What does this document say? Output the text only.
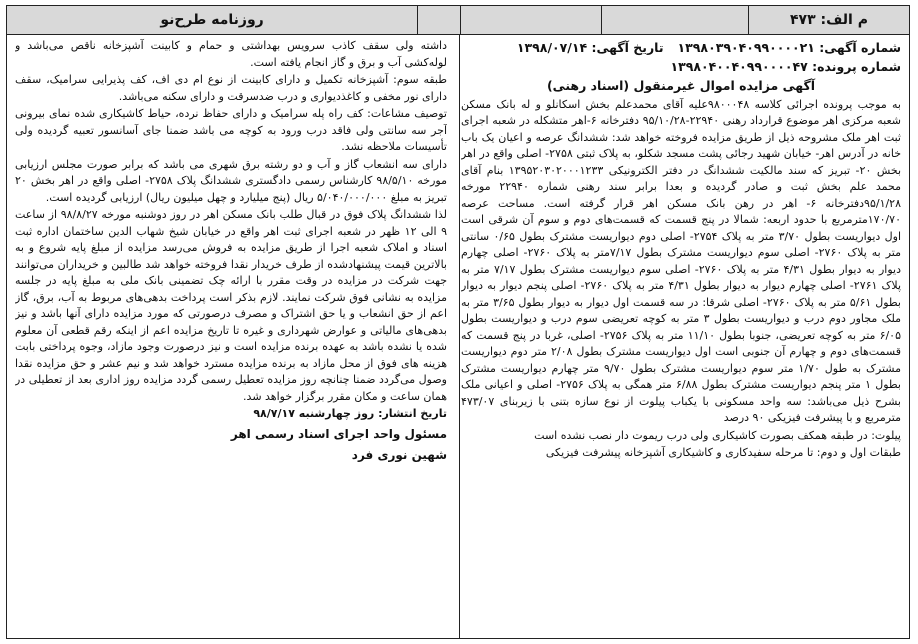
م الف: ۴۷۳
روزنامه طرح‌نو
شماره آگهی: ۱۳۹۸۰۳۹۰۴۰۹۹۰۰۰۰۲۱
تاریخ آگهی: ۱۳۹۸/۰۷/۱۴
شماره پرونده: ۱۳۹۸۰۴۰۰۴۰۹۹۰۰۰۰۴۷
آگهی مزایده اموال غیرمنقول (اسناد رهنی)

به موجب پرونده اجرائی کلاسه ۹۸۰۰۰۴۸علیه آقای محمدعلم بخش اسکانلو و له بانک مسکن شعبه مرکزی اهر موضوع قرارداد رهنی ۲۲۹۴۰-۹۵/۱۰/۲۸ دفترخانه ۶-اهر متشکله در شعبه اجرای ثبت اهر ملک مشروحه ذیل از طریق مزایده فروخته خواهد شد: ششدانگ عرصه و اعیان یک باب خانه در آدرس اهر- خیابان شهید رجائی پشت مسجد شکلو، به پلاک ثبتی ۲۷۵۸- اصلی واقع در اهر بخش ۲۰- تبریز که سند مالکیت ششدانگ در دفتر الکترونیکی ۱۳۹۵۲۰۳۰۲۰۰۰۱۲۳۳ بنام آقای محمد علم بخش ثبت و صادر گردیده و بعدا برابر سند رهنی شماره ۲۲۹۴۰ مورخه ۹۵/۱/۲۸دفترخانه ۶- اهر در رهن بانک مسکن اهر قرار گرفته است. مساحت عرصه ۱۷۰/۷۰مترمربع با حدود اربعه: شمالا در پنج قسمت که قسمت‌های دوم و سوم آن شرقی است اول دیواریست بطول ۳/۷۰ متر به پلاک ۲۷۵۴- اصلی دوم دیواریست مشترک بطول ۰/۶۵ سانتی متر به پلاک ۲۷۶۰- اصلی سوم دیواریست مشترک بطول ۷/۱۷متر به پلاک ۲۷۶۰- اصلی چهارم دیوار به دیوار بطول ۴/۳۱ متر به پلاک ۲۷۶۰- اصلی سوم دیواریست مشترک بطول ۷/۱۷ متر به پلاک ۲۷۶۱- اصلی چهارم دیوار به دیوار بطول ۴/۳۱ متر به پلاک ۲۷۶۰- اصلی پنجم دیوار به دیوار بطول ۵/۶۱ متر به پلاک ۲۷۶۰- اصلی شرقا: در سه قسمت اول دیوار به دیوار بطول ۳/۶۵ متر به ملک مجاور دوم درب و دیواریست بطول ۳ متر به کوچه تعریضی سوم درب و دیواریست بطول ۶/۰۵ متر به کوچه تعریضی، جنوبا بطول ۱۱/۱۰ متر به پلاک ۲۷۵۶- اصلی، غربا در پنج قسمت که قسمت‌های دوم و چهارم آن جنوبی است اول دیواریست مشترک بطول ۲/۰۸ متر دوم دیواریست مشترک به طول ۱/۷۰ متر سوم دیواریست مشترک بطول ۹/۷۰ متر چهارم دیواریست مشترک بطول ۱ متر پنجم دیواریست مشترک بطول ۶/۸۸ متر همگی به پلاک ۲۷۵۶- اصلی و اعیانی ملک بشرح ذیل می‌باشد: سه واحد مسکونی با یکباب پیلوت از نوع سازه بتنی با زیربنای ۴۷۳/۰۷ مترمربع و با پیشرفت فیزیکی ۹۰ درصد

پیلوت: در طبقه همکف بصورت کاشیکاری ولی درب ریموت دار نصب نشده است

طبقات اول و دوم: تا مرحله سفیدکاری و کاشیکاری آشپزخانه پیشرفت فیزیکی

داشته ولی سقف کاذب سرویس بهداشتی و حمام و کابینت آشپزخانه ناقص می‌باشد و لوله‌کشی آب و برق و گاز انجام یافته است.

طبقه سوم: آشپزخانه تکمیل و دارای کابینت از نوع ام دی اف، کف پذیرایی سرامیک، سقف دارای نور مخفی و کاغذدیواری و درب ضدسرقت و دارای سکنه می‌باشد.

توصیف مشاعات: کف راه پله سرامیک و دارای حفاظ نرده، حیاط کاشیکاری شده نمای بیرونی آجر سه سانتی ولی فاقد درب ورود به کوچه می باشد ضمنا جای آسانسور تعبیه گردیده ولی تأسیسات ملاحظه نشد.

دارای سه انشعاب گاز و آب و دو رشته برق شهری می باشد که برابر صورت مجلس ارزیابی مورخه ۹۸/۵/۱۰ کارشناس رسمی دادگستری ششدانگ پلاک ۲۷۵۸- اصلی واقع در اهر بخش ۲۰ تبریز به مبلغ ۵/۰۴۰/۰۰۰/۰۰۰ ریال (پنج میلیارد و چهل میلیون ریال) ارزیابی گردیده است.

لذا ششدانگ پلاک فوق در قبال طلب بانک مسکن اهر در روز دوشنبه مورخه ۹۸/۸/۲۷ از ساعت ۹ الی ۱۲ ظهر در شعبه اجرای ثبت اهر واقع در خیابان شیخ شهاب الدین ساختمان اداره ثبت اسناد و املاک شعبه اجرا از طریق مزایده به فروش می‌رسد مزایده از مبلغ پایه شروع و به بالاترین قیمت پیشنهادشده از طرف خریدار نقدا فروخته خواهد شد طالبین و خریداران می‌توانند جهت شرکت در مزایده در وقت مقرر با ارائه چک تضمینی بانک ملی به مبلغ پایه در جلسه مزایده به نشانی فوق شرکت نمایند. لازم بذکر است پرداخت بدهی‌های مربوط به آب، برق، گاز اعم از حق انشعاب و یا حق اشتراک و مصرف درصورتی که مورد مزایده دارای آنها باشد و نیز بدهی‌های مالیاتی و عوارض شهرداری و غیره تا تاریخ مزایده اعم از اینکه رقم قطعی آن معلوم شده یا نشده باشد به عهده برنده مزایده است و نیز درصورت وجود مازاد، وجوه پرداختی بابت هزینه های فوق از محل مازاد به برنده مزایده مسترد خواهد شد و نیم عشر و حق مزایده نقدا وصول می‌گردد ضمنا چنانچه روز مزایده تعطیل رسمی گردد مزایده روز اداری بعد از تعطیلی در همان ساعت و مکان مقرر برگزار خواهد شد.

تاریخ انتشار: روز چهارشنبه ۹۸/۷/۱۷

مسئول واحد اجرای اسناد رسمی اهر
شهین نوری فرد
